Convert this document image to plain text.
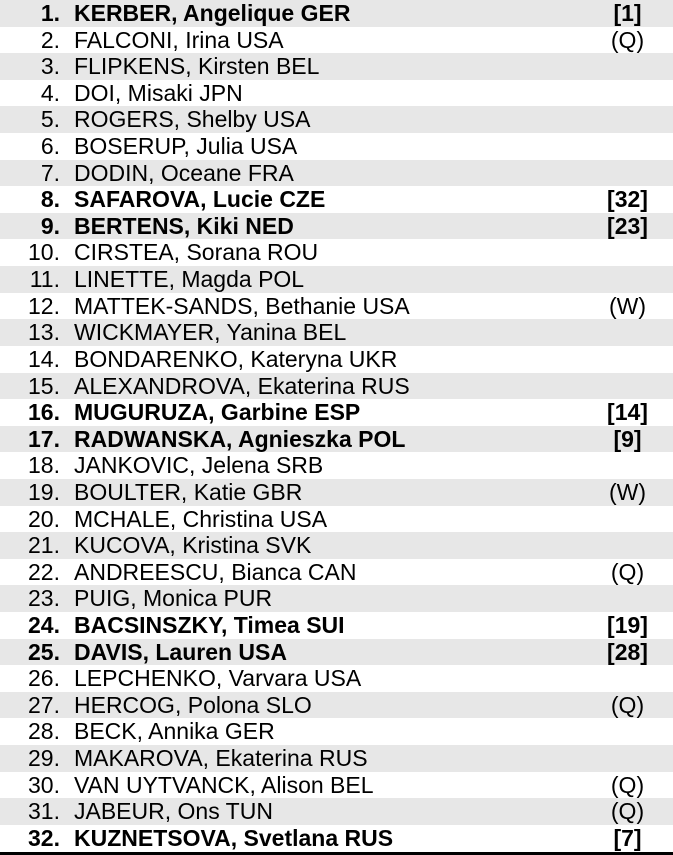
1. KERBER, Angelique GER	[1]
2. FALCONI, Irina USA	(Q)
3. FLIPKENS, Kirsten BEL
4. DOI, Misaki JPN
5. ROGERS, Shelby USA
6. BOSERUP, Julia USA
7. DODIN, Oceane FRA
8. SAFAROVA, Lucie CZE	[32]
9. BERTENS, Kiki NED	[23]
10. CIRSTEA, Sorana ROU
11. LINETTE, Magda POL
12. MATTEK-SANDS, Bethanie USA	(W)
13. WICKMAYER, Yanina BEL
14. BONDARENKO, Kateryna UKR
15. ALEXANDROVA, Ekaterina RUS
16. MUGURUZA, Garbine ESP	[14]
17. RADWANSKA, Agnieszka POL	[9]
18. JANKOVIC, Jelena SRB
19. BOULTER, Katie GBR	(W)
20. MCHALE, Christina USA
21. KUCOVA, Kristina SVK
22. ANDREESCU, Bianca CAN	(Q)
23. PUIG, Monica PUR
24. BACSINSZKY, Timea SUI	[19]
25. DAVIS, Lauren USA	[28]
26. LEPCHENKO, Varvara USA
27. HERCOG, Polona SLO	(Q)
28. BECK, Annika GER
29. MAKAROVA, Ekaterina RUS
30. VAN UYTVANCK, Alison BEL	(Q)
31. JABEUR, Ons TUN	(Q)
32. KUZNETSOVA, Svetlana RUS	[7]
